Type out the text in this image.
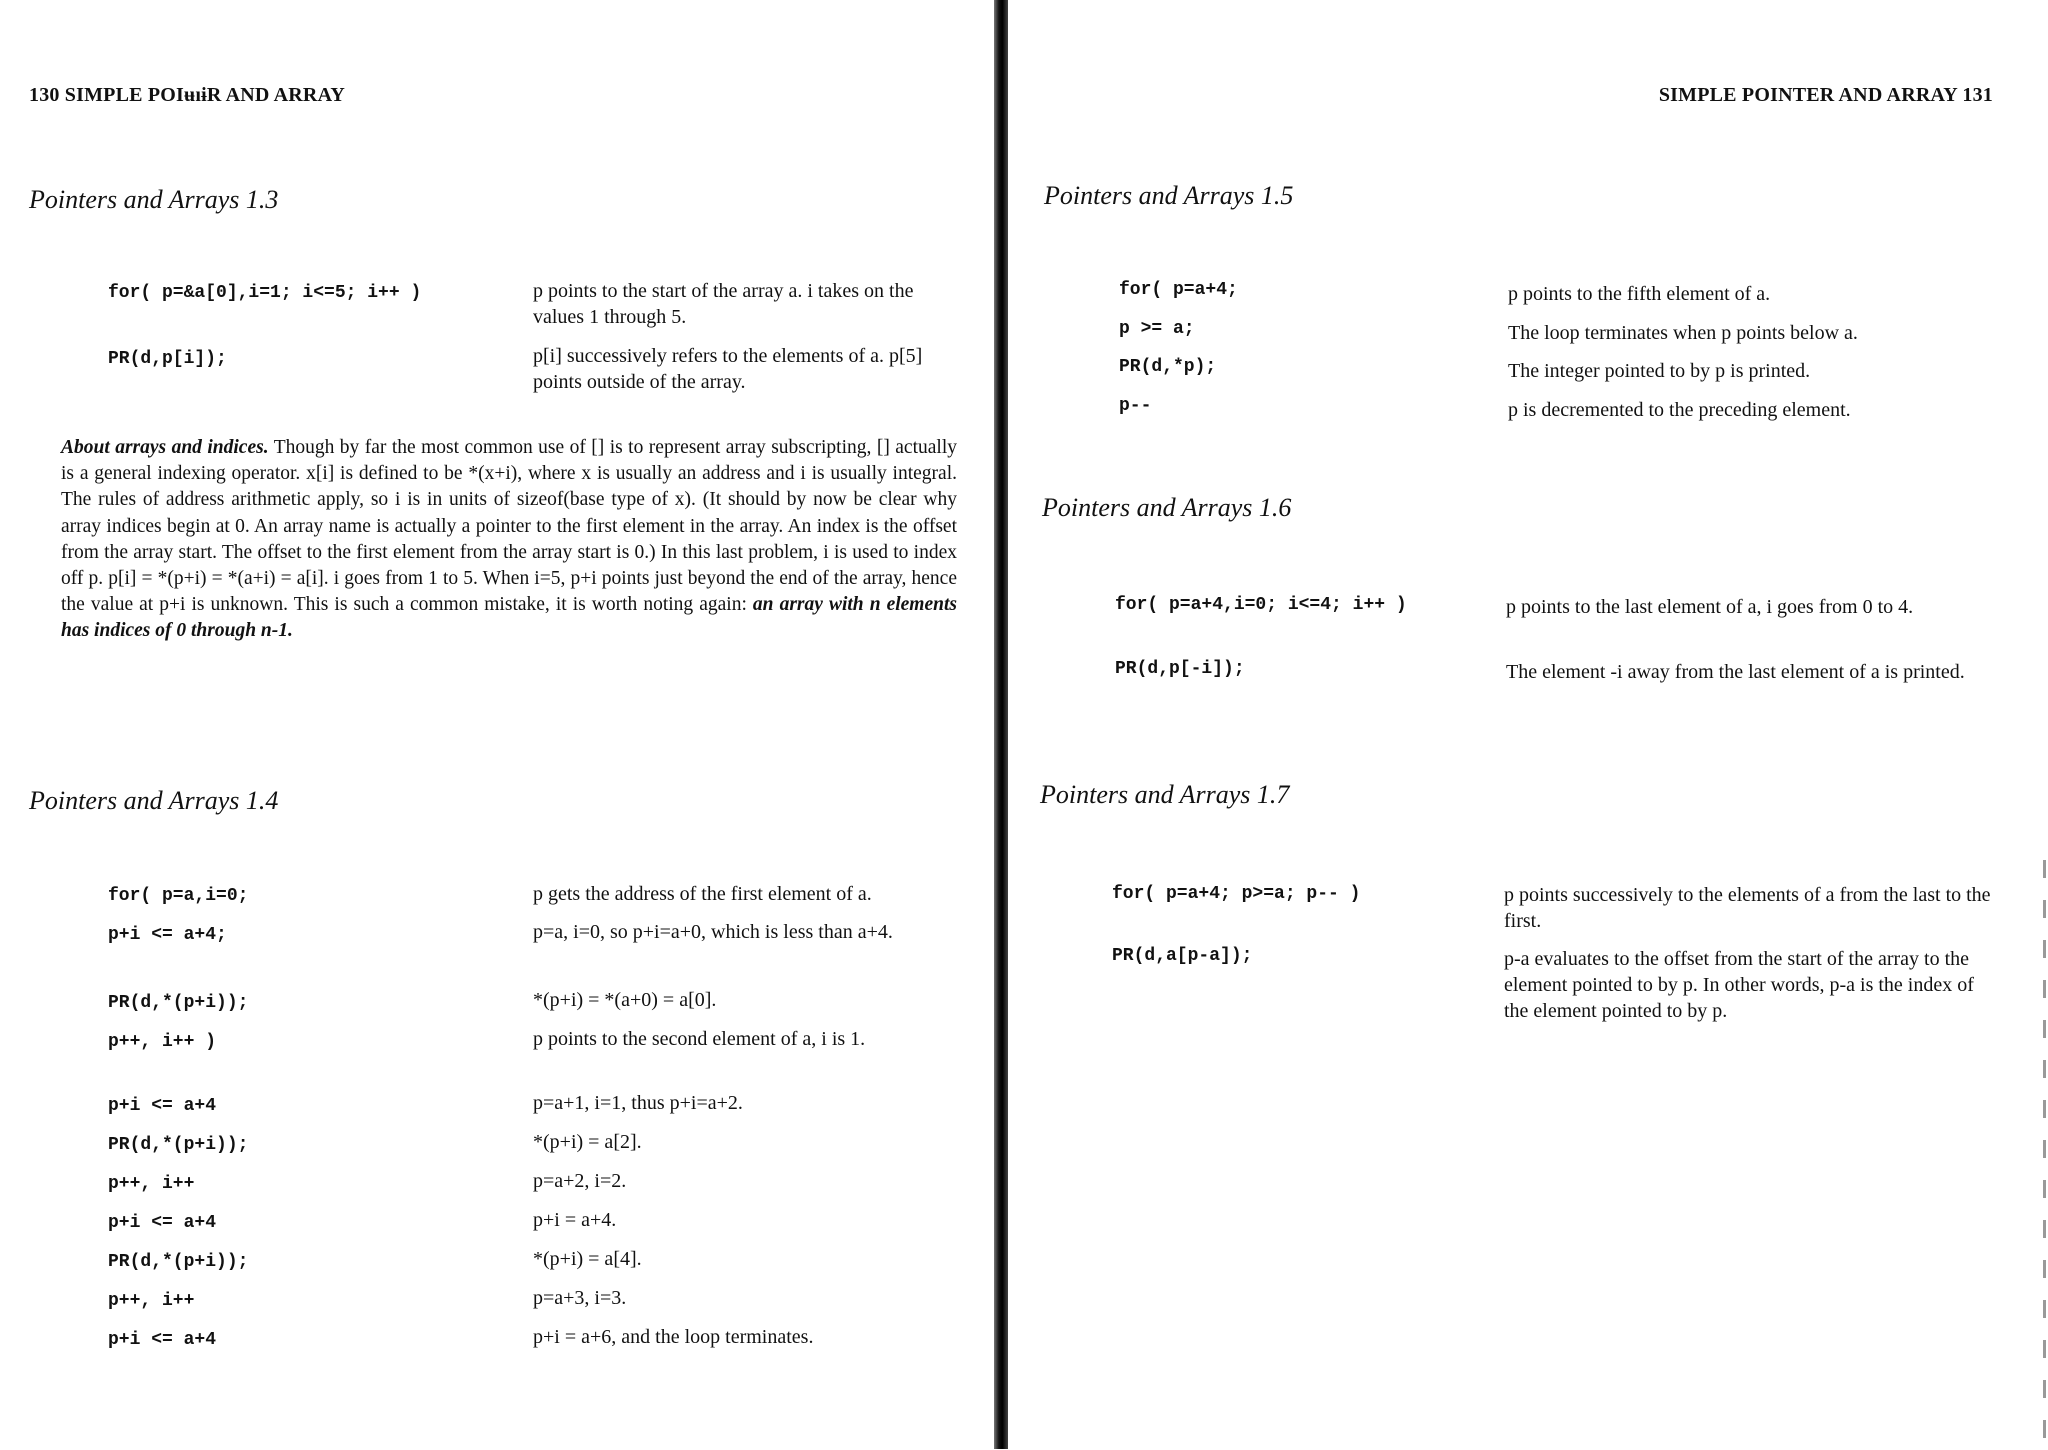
130 SIMPLE POIʉıɨR AND ARRAY
Pointers and Arrays 1.3
for( p=&a[0],i=1; i<=5; i++ )	p points to the start of the array a. i takes on the values 1 through 5.
PR(d,p[i]);	p[i] successively refers to the elements of a. p[5] points outside of the array.
About arrays and indices. Though by far the most common use of [] is to represent array subscripting, [] actually is a general indexing operator. x[i] is defined to be *(x+i), where x is usually an address and i is usually integral. The rules of address arithmetic apply, so i is in units of sizeof(base type of x). (It should by now be clear why array indices begin at 0. An array name is actually a pointer to the first element in the array. An index is the offset from the array start. The offset to the first element from the array start is 0.) In this last problem, i is used to index off p. p[i] = *(p+i) = *(a+i) = a[i]. i goes from 1 to 5. When i=5, p+i points just beyond the end of the array, hence the value at p+i is unknown. This is such a common mistake, it is worth noting again: an array with n elements has indices of 0 through n-1.
Pointers and Arrays 1.4
for( p=a,i=0;	p gets the address of the first element of a.
p+i <= a+4;	p=a, i=0, so p+i=a+0, which is less than a+4.
PR(d,*(p+i));	*(p+i) = *(a+0) = a[0].
p++, i++ )	p points to the second element of a, i is 1.
p+i <= a+4	p=a+1, i=1, thus p+i=a+2.
PR(d,*(p+i));	*(p+i) = a[2].
p++, i++	p=a+2, i=2.
p+i <= a+4	p+i = a+4.
PR(d,*(p+i));	*(p+i) = a[4].
p++, i++	p=a+3, i=3.
p+i <= a+4	p+i = a+6, and the loop terminates.
SIMPLE POINTER AND ARRAY 131
Pointers and Arrays 1.5
for( p=a+4;	p points to the fifth element of a.
p >= a;	The loop terminates when p points below a.
PR(d,*p);	The integer pointed to by p is printed.
p--	p is decremented to the preceding element.
Pointers and Arrays 1.6
for( p=a+4,i=0; i<=4; i++ )	p points to the last element of a, i goes from 0 to 4.
PR(d,p[-i]);	The element -i away from the last element of a is printed.
Pointers and Arrays 1.7
for( p=a+4; p>=a; p-- )	p points successively to the elements of a from the last to the first.
PR(d,a[p-a]);	p-a evaluates to the offset from the start of the array to the element pointed to by p. In other words, p-a is the index of the element pointed to by p.
